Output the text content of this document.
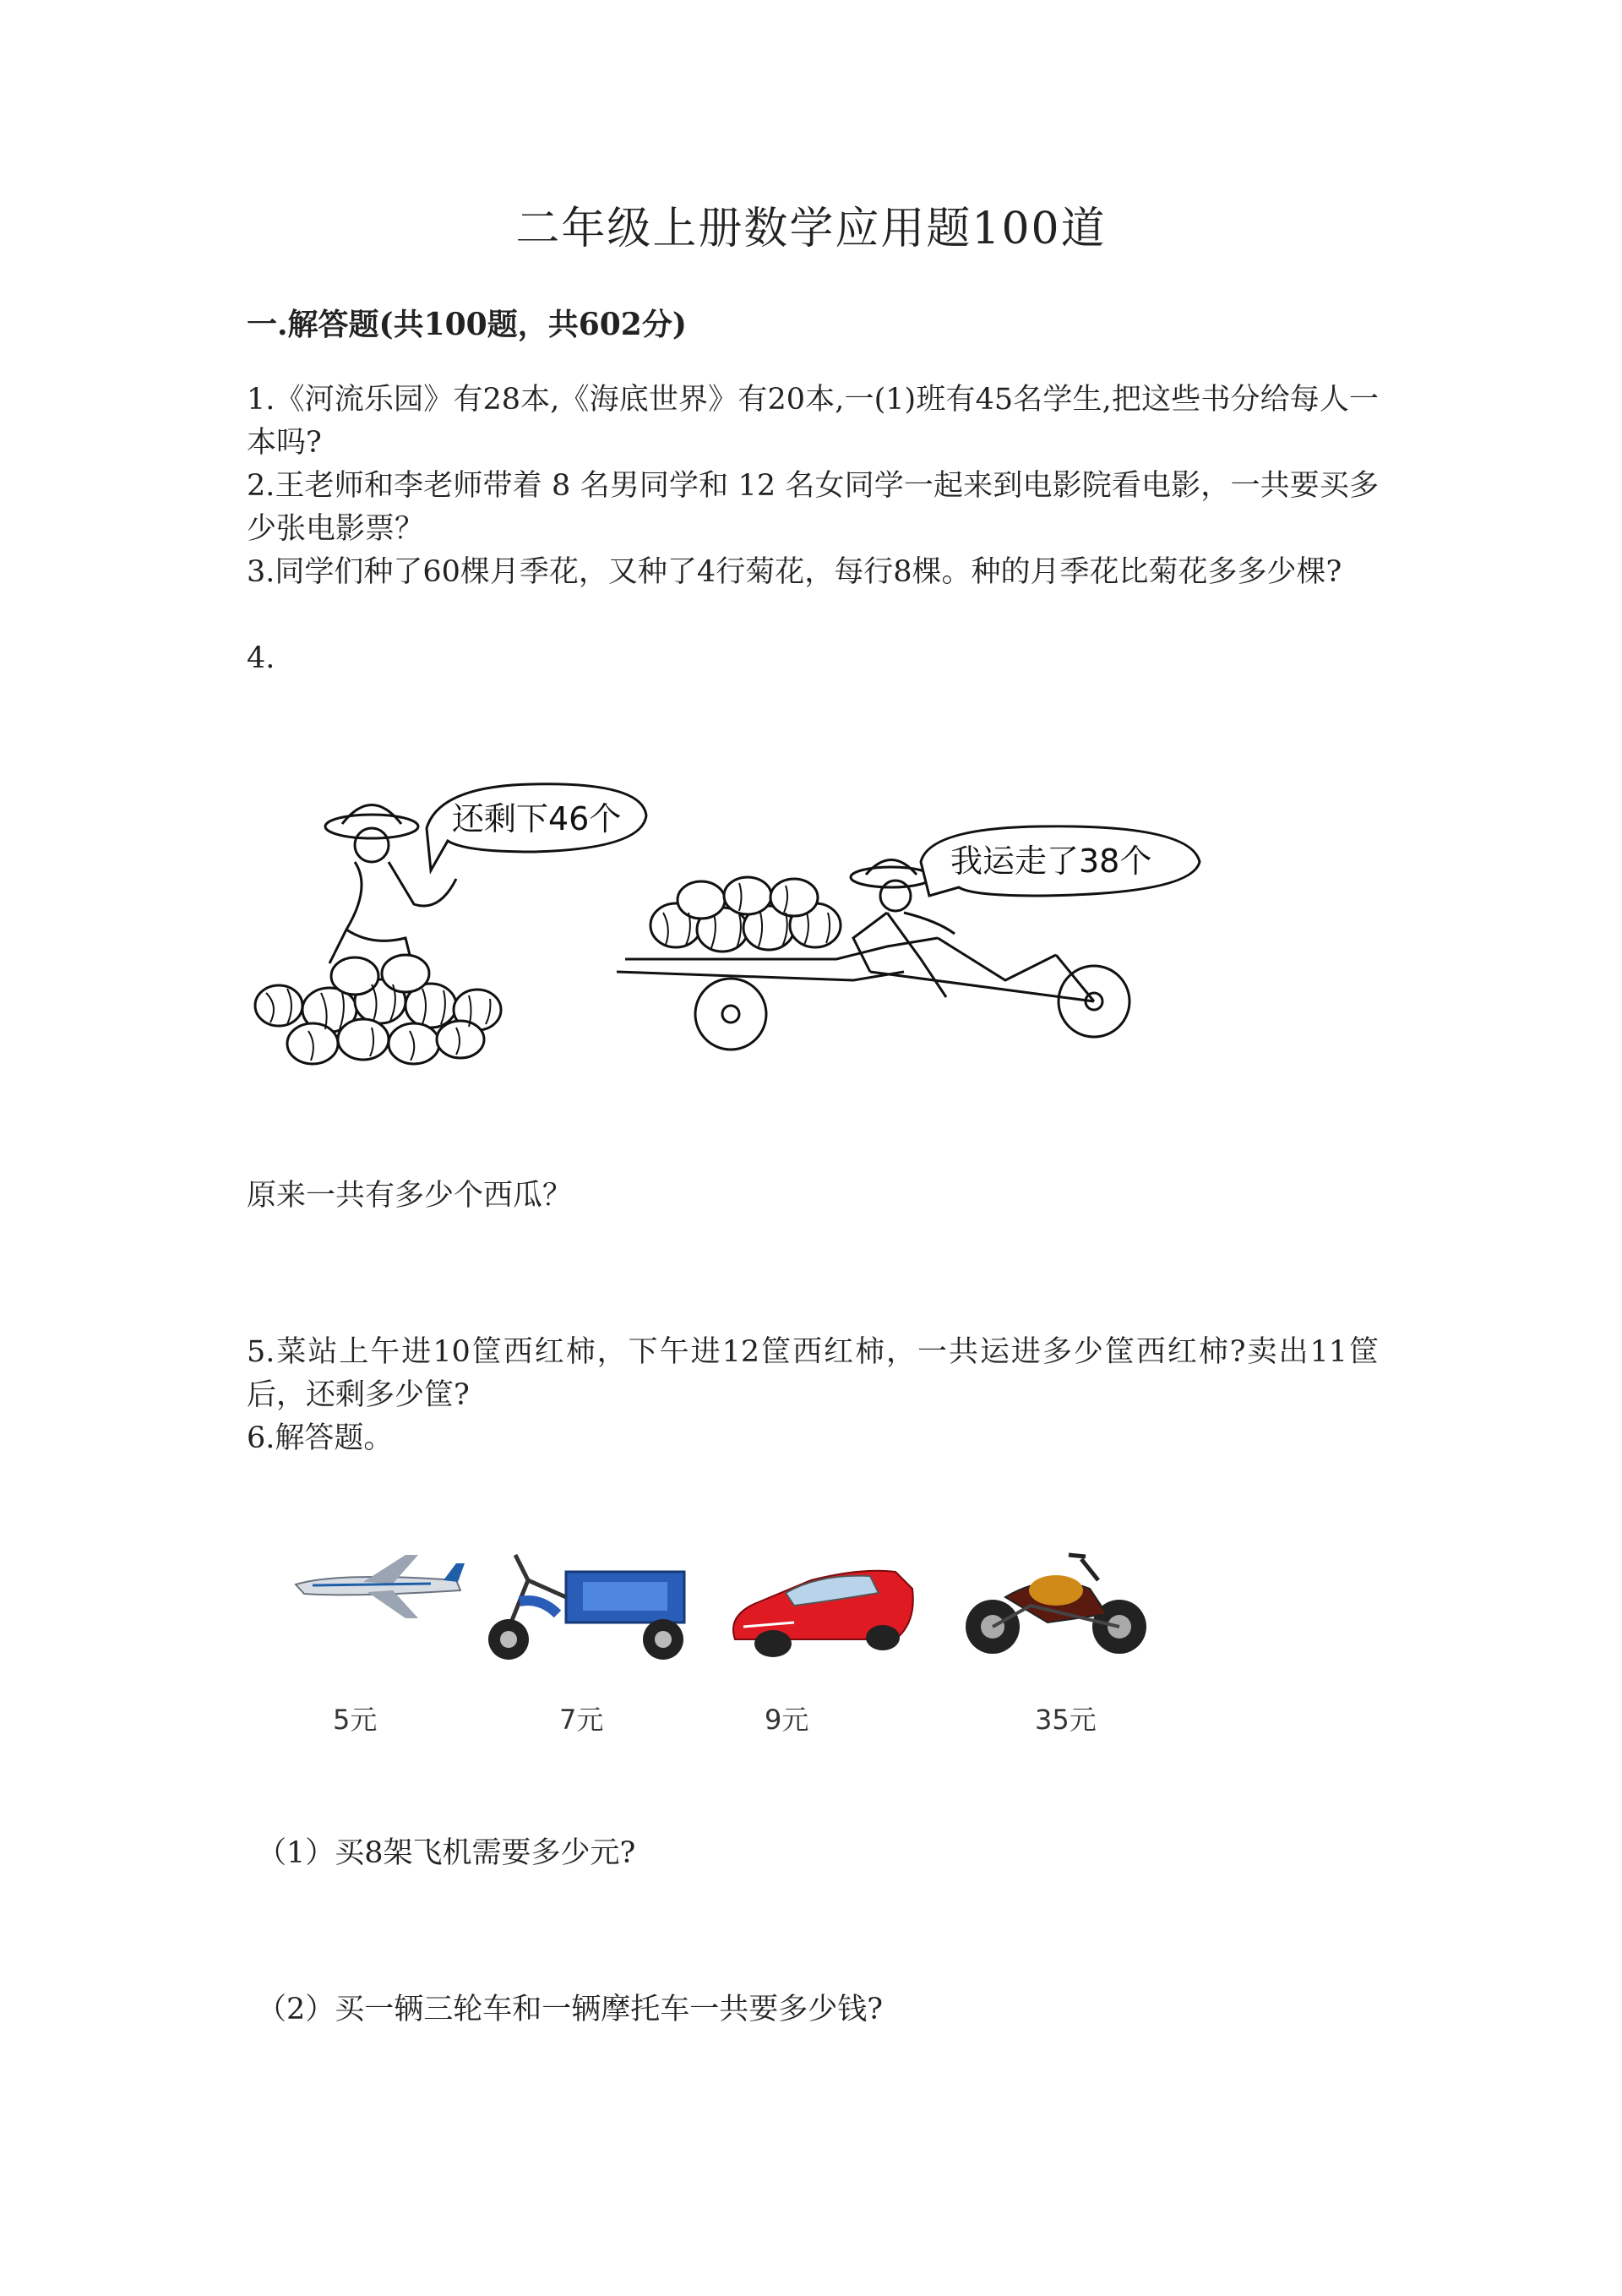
二年级上册数学应用题100道
一.解答题(共100题，共602分)
1.《河流乐园》有28本,《海底世界》有20本,一(1)班有45名学生,把这些书分给每人一本吗?
2.王老师和李老师带着 8 名男同学和 12 名女同学一起来到电影院看电影，一共要买多少张电影票？
3.同学们种了60棵月季花，又种了4行菊花，每行8棵。种的月季花比菊花多多少棵?
4.
还剩下46个
我运走了38个
原来一共有多少个西瓜？
5.菜站上午进10筐西红柿，下午进12筐西红柿，一共运进多少筐西红柿?卖出11筐后，还剩多少筐?
6.解答题。
5元	7元	9元	35元
（1）买8架飞机需要多少元?
（2）买一辆三轮车和一辆摩托车一共要多少钱?
